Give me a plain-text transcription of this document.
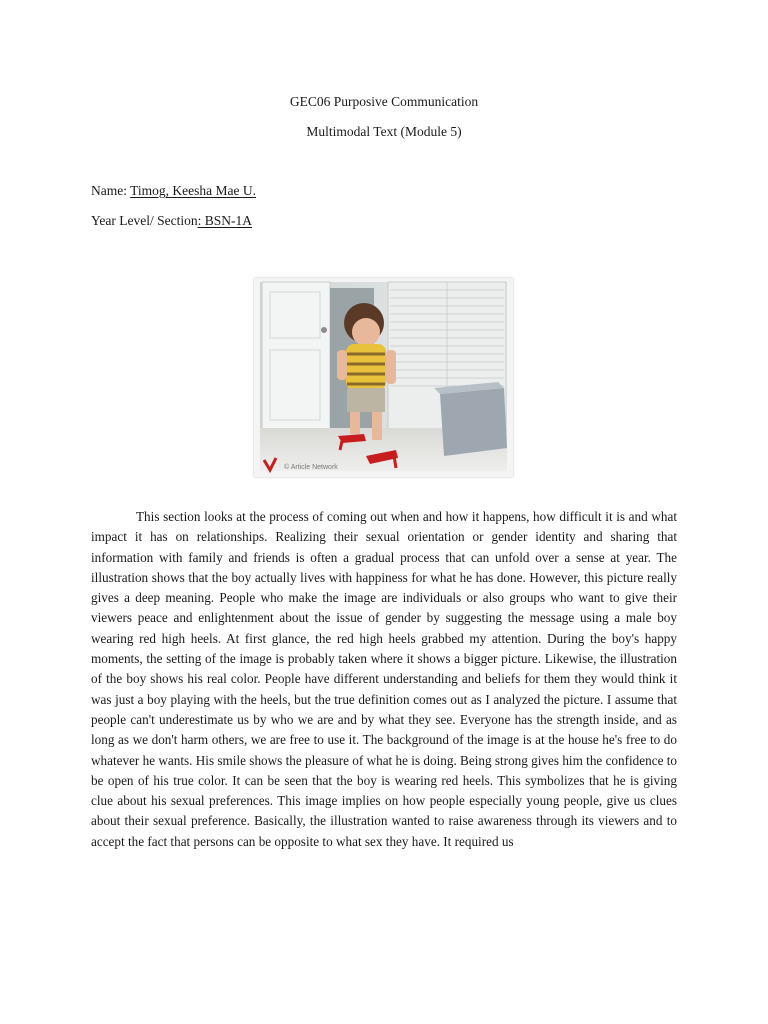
GEC06 Purposive Communication
Multimodal Text (Module 5)
Name: Timog, Keesha Mae U.
Year Level/ Section: BSN-1A
© Article Network

This section looks at the process of coming out when and how it happens, how difficult it is and what impact it has on relationships. Realizing their sexual orientation or gender identity and sharing that information with family and friends is often a gradual process that can unfold over a sense at year. The illustration shows that the boy actually lives with happiness for what he has done. However, this picture really gives a deep meaning. People who make the image are individuals or also groups who want to give their viewers peace and enlightenment about the issue of gender by suggesting the message using a male boy wearing red high heels. At first glance, the red high heels grabbed my attention. During the boy's happy moments, the setting of the image is probably taken where it shows a bigger picture. Likewise, the illustration of the boy shows his real color. People have different understanding and beliefs for them they would think it was just a boy playing with the heels, but the true definition comes out as I analyzed the picture. I assume that people can't underestimate us by who we are and by what they see. Everyone has the strength inside, and as long as we don't harm others, we are free to use it. The background of the image is at the house he's free to do whatever he wants. His smile shows the pleasure of what he is doing. Being strong gives him the confidence to be open of his true color. It can be seen that the boy is wearing red heels. This symbolizes that he is giving clue about his sexual preferences. This image implies on how people especially young people, give us clues about their sexual preference. Basically, the illustration wanted to raise awareness through its viewers and to accept the fact that persons can be opposite to what sex they have. It required us
